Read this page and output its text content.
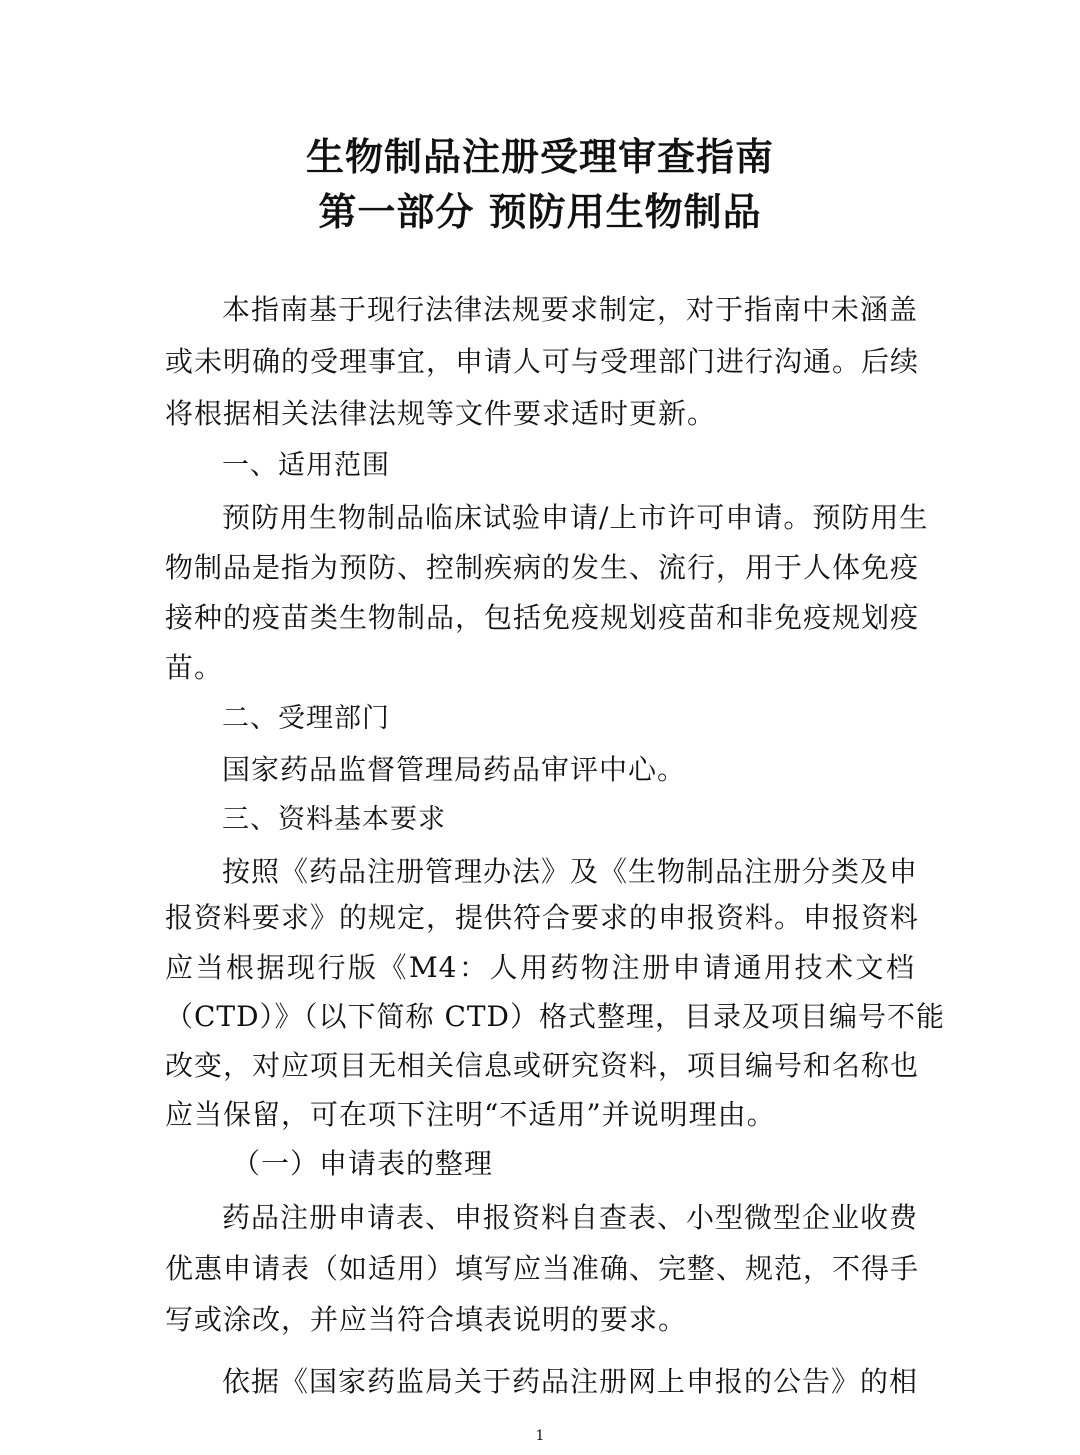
生物制品注册受理审查指南
第一部分 预防用生物制品
本指南基于现行法律法规要求制定，对于指南中未涵盖
或未明确的受理事宜，申请人可与受理部门进行沟通。后续
将根据相关法律法规等文件要求适时更新。
一、适用范围
预防用生物制品临床试验申请/上市许可申请。预防用生
物制品是指为预防、控制疾病的发生、流行，用于人体免疫
接种的疫苗类生物制品，包括免疫规划疫苗和非免疫规划疫
苗。
二、受理部门
国家药品监督管理局药品审评中心。
三、资料基本要求
按照《药品注册管理办法》及《生物制品注册分类及申
报资料要求》的规定，提供符合要求的申报资料。申报资料
应当根据现行版《M4：人用药物注册申请通用技术文档
（CTD）》（以下简称 CTD）格式整理，目录及项目编号不能
改变，对应项目无相关信息或研究资料，项目编号和名称也
应当保留，可在项下注明“不适用”并说明理由。
（一）申请表的整理
药品注册申请表、申报资料自查表、小型微型企业收费
优惠申请表（如适用）填写应当准确、完整、规范，不得手
写或涂改，并应当符合填表说明的要求。
依据《国家药监局关于药品注册网上申报的公告》的相
1
